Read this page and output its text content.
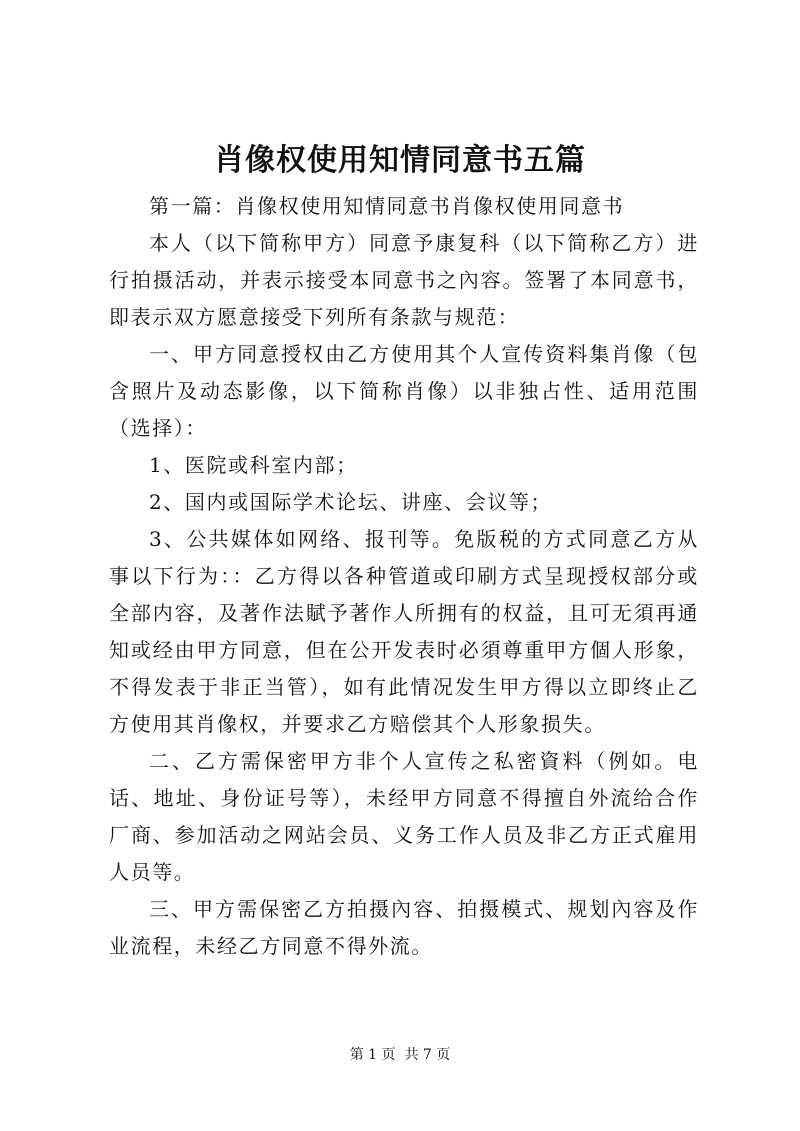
肖像权使用知情同意书五篇

第一篇：肖像权使用知情同意书肖像权使用同意书

本人（以下简称甲方）同意予康复科（以下简称乙方）进行拍摄活动，并表示接受本同意书之內容。签署了本同意书，即表示双方愿意接受下列所有条款与规范：

一、甲方同意授权由乙方使用其个人宣传资料集肖像（包含照片及动态影像，以下简称肖像）以非独占性、适用范围（选择）：

1、医院或科室内部；

2、国内或国际学术论坛、讲座、会议等；

3、公共媒体如网络、报刊等。免版税的方式同意乙方从事以下行为：：乙方得以各种管道或印刷方式呈现授权部分或全部内容，及著作法賦予著作人所拥有的权益，且可无須再通知或经由甲方同意，但在公开发表时必須尊重甲方個人形象，不得发表于非正当管），如有此情况发生甲方得以立即终止乙方使用其肖像权，并要求乙方赔偿其个人形象损失。

二、乙方需保密甲方非个人宣传之私密資料（例如。电话、地址、身份证号等），未经甲方同意不得擅自外流给合作厂商、参加活动之网站会员、义务工作人员及非乙方正式雇用人员等。

三、甲方需保密乙方拍摄內容、拍摄模式、规划內容及作业流程，未经乙方同意不得外流。

第 1 页  共 7 页
